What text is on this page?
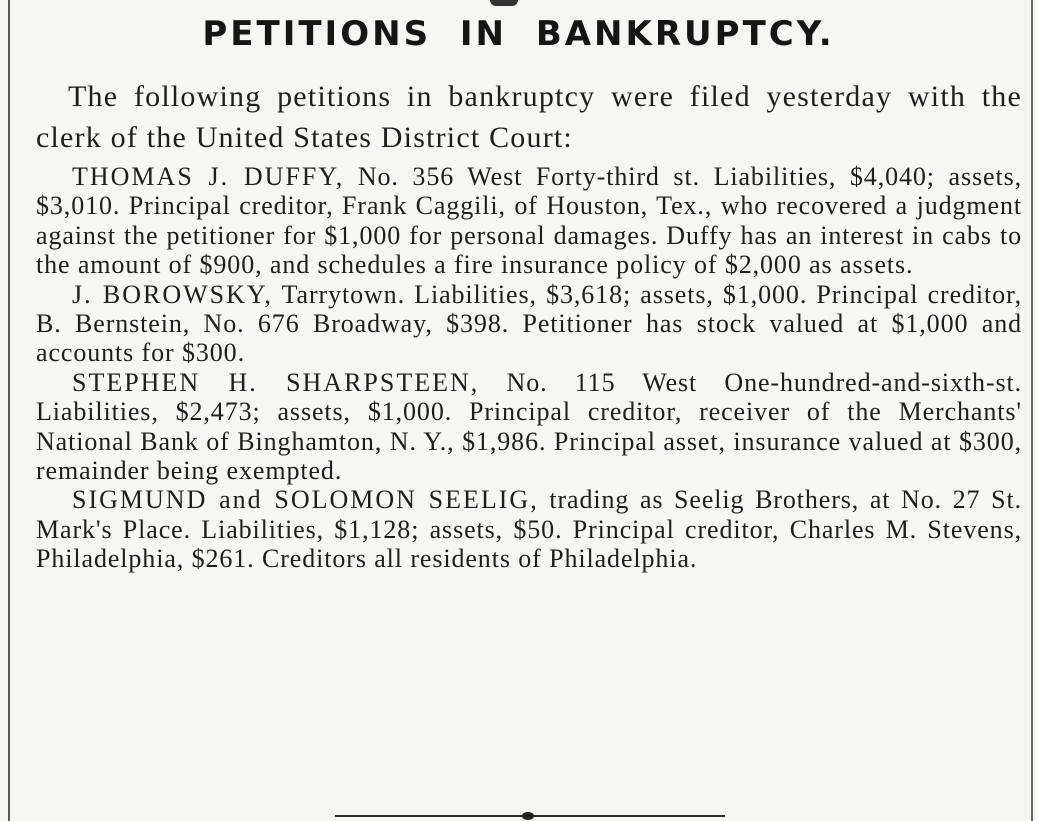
PETITIONS IN BANKRUPTCY.

The following petitions in bankruptcy were filed yesterday with the clerk of the United States District Court:

THOMAS J. DUFFY, No. 356 West Forty-third st. Liabilities, $4,040; assets, $3,010. Principal creditor, Frank Caggili, of Houston, Tex., who recovered a judgment against the petitioner for $1,000 for personal damages. Duffy has an interest in cabs to the amount of $900, and schedules a fire insurance policy of $2,000 as assets.

J. BOROWSKY, Tarrytown. Liabilities, $3,618; assets, $1,000. Principal creditor, B. Bernstein, No. 676 Broadway, $398. Petitioner has stock valued at $1,000 and accounts for $300.

STEPHEN H. SHARPSTEEN, No. 115 West One-hundred-and-sixth-st. Liabilities, $2,473; assets, $1,000. Principal creditor, receiver of the Merchants' National Bank of Binghamton, N. Y., $1,986. Principal asset, insurance valued at $300, remainder being exempted.

SIGMUND and SOLOMON SEELIG, trading as Seelig Brothers, at No. 27 St. Mark's Place. Liabilities, $1,128; assets, $50. Principal creditor, Charles M. Stevens, Philadelphia, $261. Creditors all residents of Philadelphia.
